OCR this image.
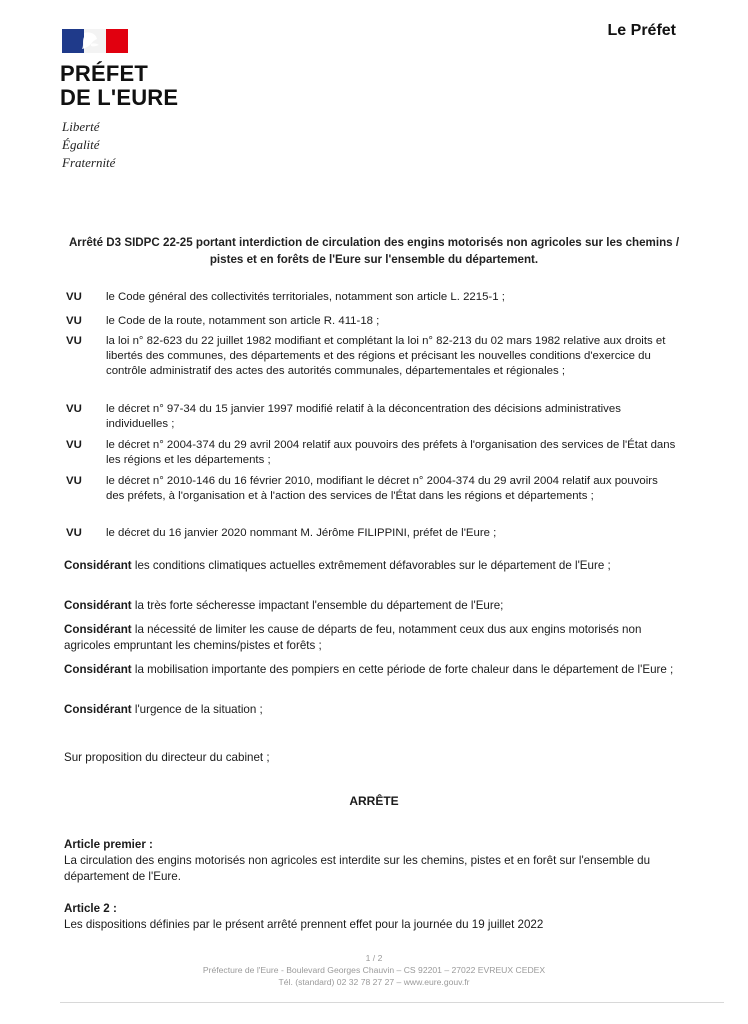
PRÉFET
DE L'EURE
Liberté
Égalité
Fraternité
Le Préfet
Arrêté D3 SIDPC 22-25 portant interdiction de circulation des engins motorisés non agricoles sur les chemins / pistes et en forêts de l'Eure sur l'ensemble du département.
VU le Code général des collectivités territoriales, notamment son article L. 2215-1 ;
VU le Code de la route, notamment son article R. 411-18 ;
VU la loi n° 82-623 du 22 juillet 1982 modifiant et complétant la loi n° 82-213 du 02 mars 1982 relative aux droits et libertés des communes, des départements et des régions et précisant les nouvelles conditions d'exercice du contrôle administratif des actes des autorités communales, départementales et régionales ;
VU le décret n° 97-34 du 15 janvier 1997 modifié relatif à la déconcentration des décisions administratives individuelles ;
VU le décret n° 2004-374 du 29 avril 2004 relatif aux pouvoirs des préfets à l'organisation des services de l'État dans les régions et les départements ;
VU le décret n° 2010-146 du 16 février 2010, modifiant le décret n° 2004-374 du 29 avril 2004 relatif aux pouvoirs des préfets, à l'organisation et à l'action des services de l'État dans les régions et départements ;
VU le décret du 16 janvier 2020 nommant M. Jérôme FILIPPINI, préfet de l'Eure ;
Considérant les conditions climatiques actuelles extrêmement défavorables sur le département de l'Eure ;
Considérant la très forte sécheresse impactant l'ensemble du département de l'Eure;
Considérant la nécessité de limiter les cause de départs de feu, notamment ceux dus aux engins motorisés non agricoles empruntant les chemins/pistes et forêts ;
Considérant la mobilisation importante des pompiers en cette période de forte chaleur dans le département de l'Eure ;
Considérant l'urgence de la situation ;
Sur proposition du directeur du cabinet ;
ARRÊTE
Article premier :
La circulation des engins motorisés non agricoles est interdite sur les chemins, pistes et en forêt sur l'ensemble du département de l'Eure.
Article 2 :
Les dispositions définies par le présent arrêté prennent effet pour la journée du 19 juillet 2022
1 / 2
Préfecture de l'Eure - Boulevard Georges Chauvin – CS 92201 – 27022 EVREUX CEDEX
Tél. (standard) 02 32 78 27 27 – www.eure.gouv.fr
